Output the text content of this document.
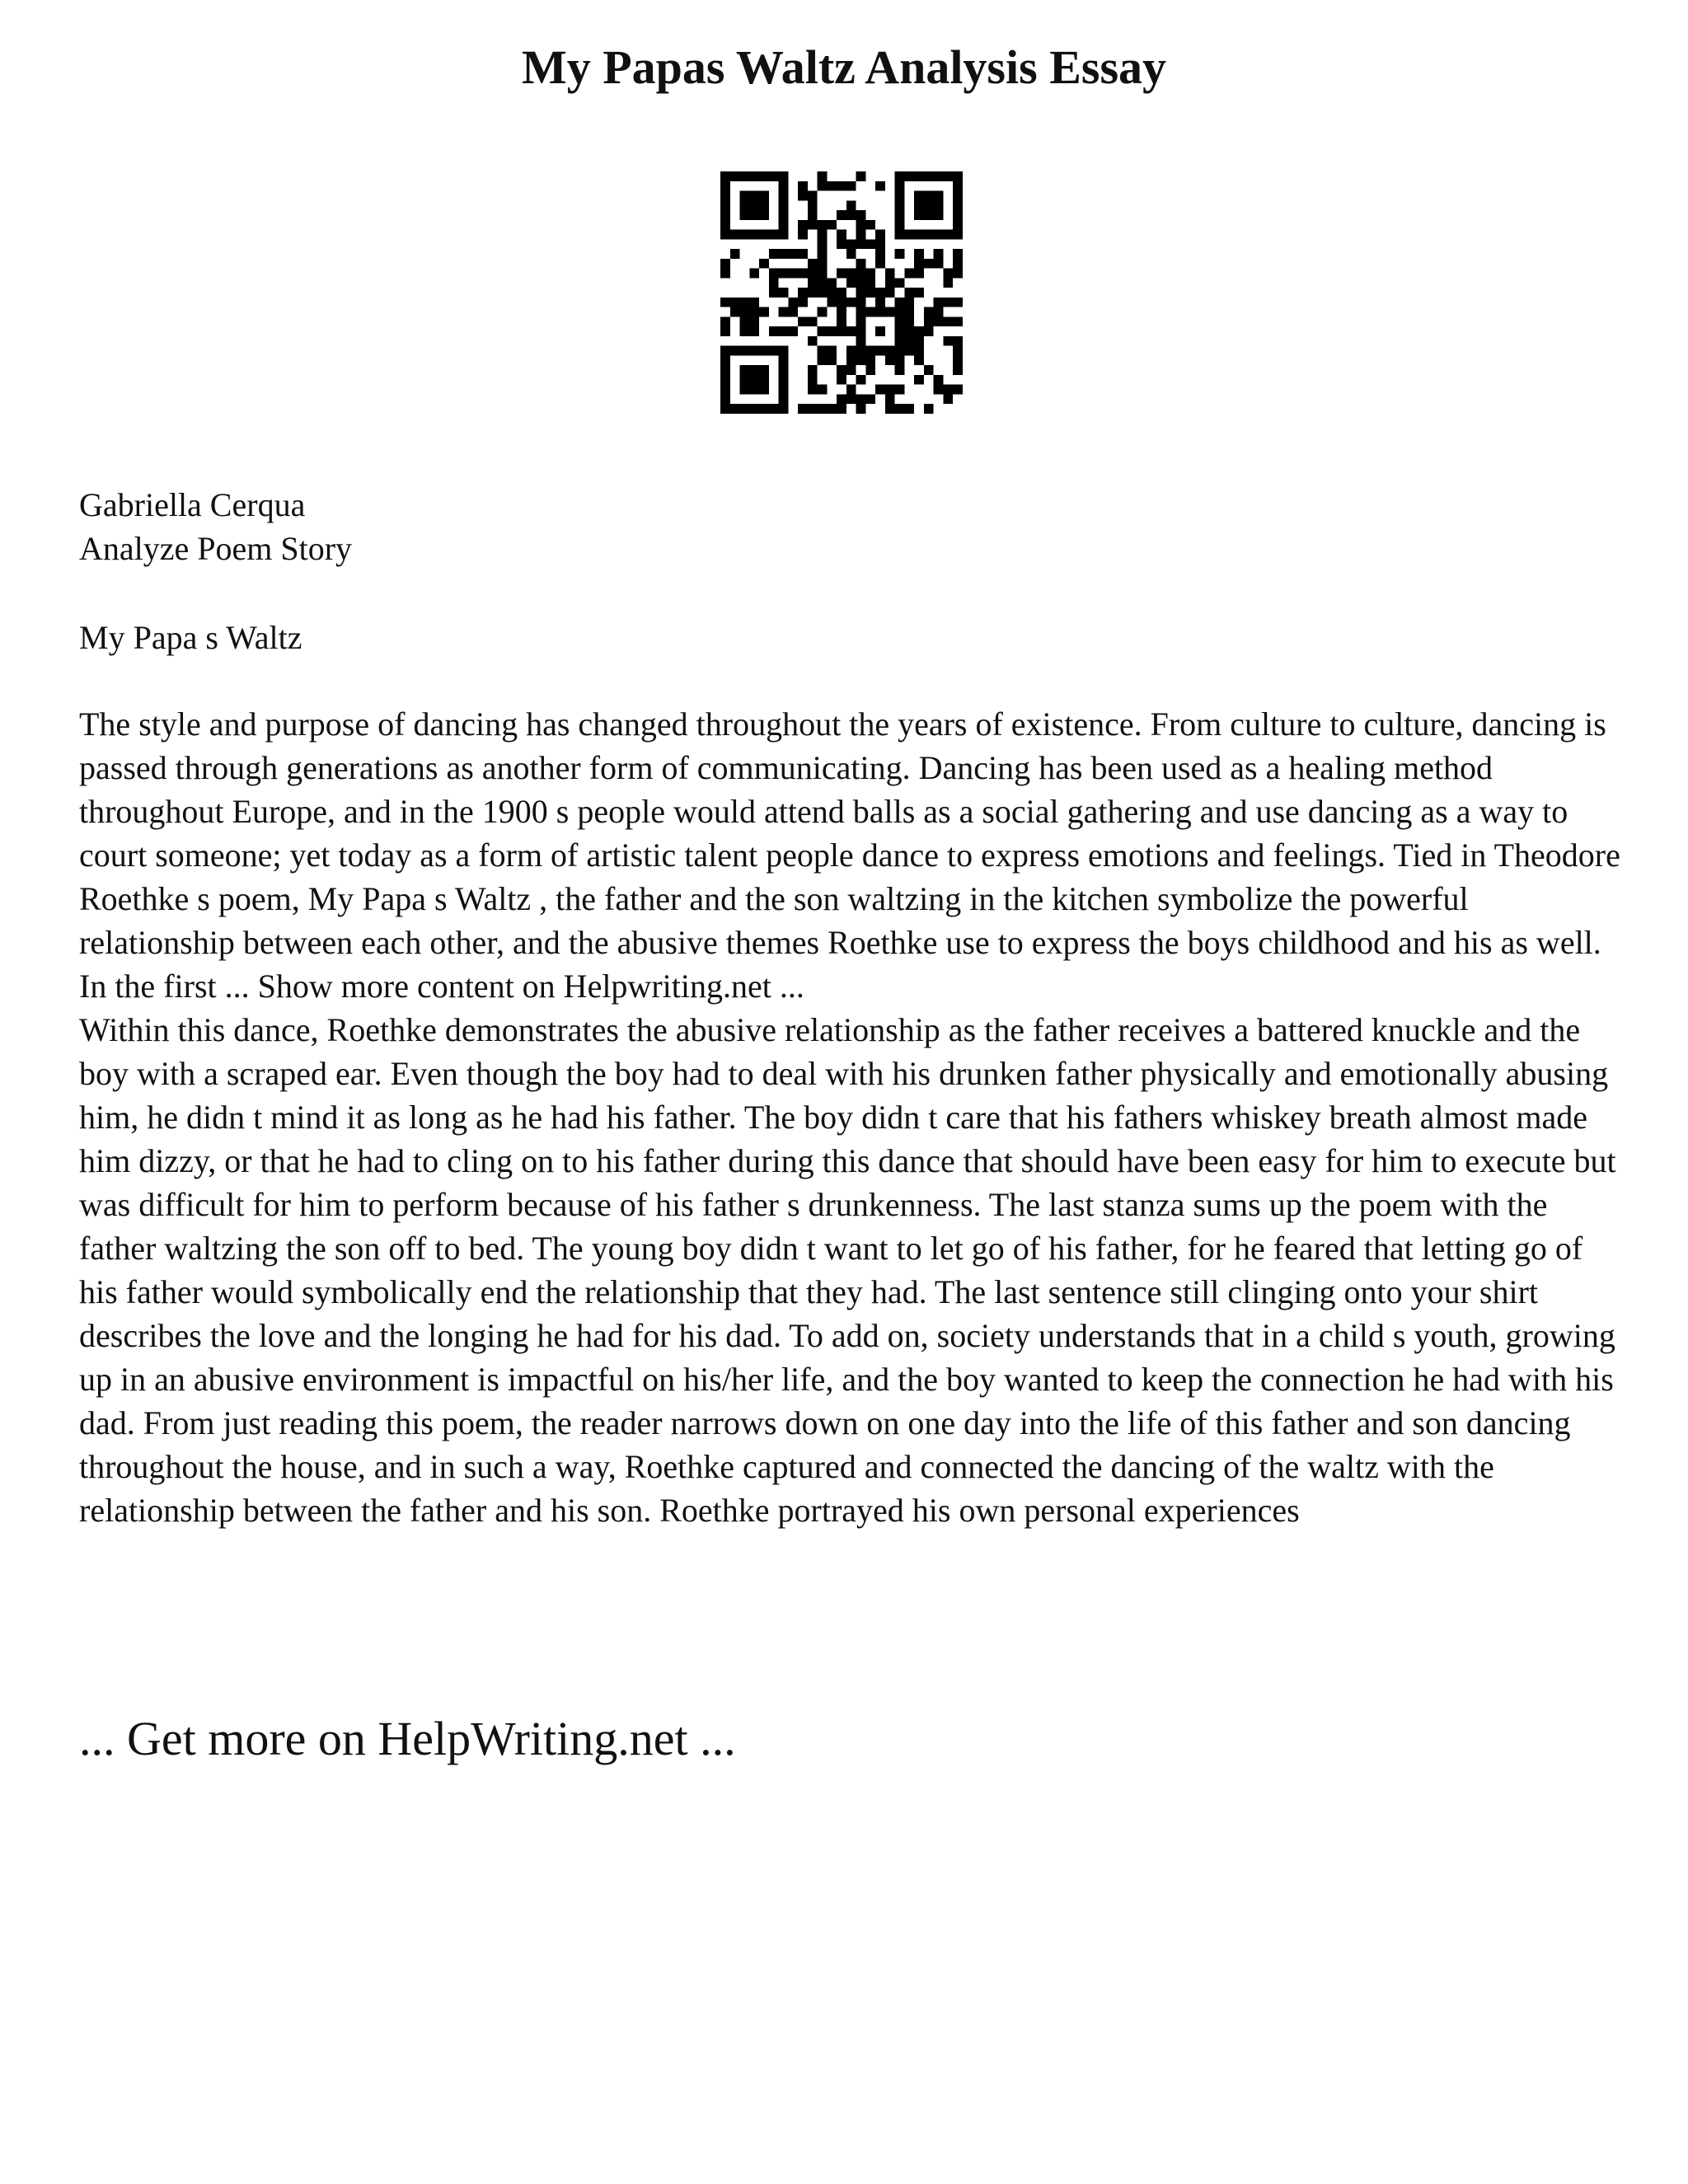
My Papas Waltz Analysis Essay
Gabriella Cerqua
Analyze Poem Story
My Papa s Waltz

The style and purpose of dancing has changed throughout the years of existence. From culture to culture, dancing is passed through generations as another form of communicating. Dancing has been used as a healing method throughout Europe, and in the 1900 s people would attend balls as a social gathering and use dancing as a way to court someone; yet today as a form of artistic talent people dance to express emotions and feelings. Tied in Theodore Roethke s poem, My Papa s Waltz , the father and the son waltzing in the kitchen symbolize the powerful relationship between each other, and the abusive themes Roethke use to express the boys childhood and his as well. In the first ... Show more content on Helpwriting.net ...

Within this dance, Roethke demonstrates the abusive relationship as the father receives a battered knuckle and the boy with a scraped ear. Even though the boy had to deal with his drunken father physically and emotionally abusing him, he didn t mind it as long as he had his father. The boy didn t care that his fathers whiskey breath almost made him dizzy, or that he had to cling on to his father during this dance that should have been easy for him to execute but was difficult for him to perform because of his father s drunkenness. The last stanza sums up the poem with the father waltzing the son off to bed. The young boy didn t want to let go of his father, for he feared that letting go of his father would symbolically end the relationship that they had. The last sentence still clinging onto your shirt describes the love and the longing he had for his dad. To add on, society understands that in a child s youth, growing up in an abusive environment is impactful on his/her life, and the boy wanted to keep the connection he had with his dad. From just reading this poem, the reader narrows down on one day into the life of this father and son dancing throughout the house, and in such a way, Roethke captured and connected the dancing of the waltz with the relationship between the father and his son. Roethke portrayed his own personal experiences

... Get more on HelpWriting.net ...
